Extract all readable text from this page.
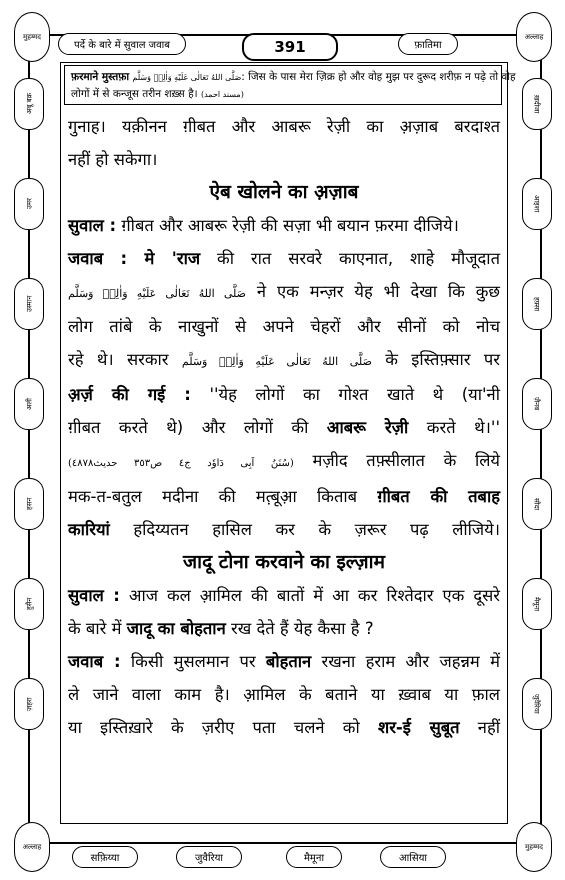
मुहम्मद	अल्लाह
अल्लाह	मुहम्मद
पर्दे के बारे में सुवाल जवाब	391	फ़ातिमा
अबू बक्र
उमर
उस्मान
अली
हसन
हुसैन
ज़हरा
ख़दीजा
आइशा
हफ़्सा
ज़ैनब
सौदा
मैमूना
जुवैरिया
फ़रमाने मुस्तफ़ा صَلَّى اللهُ تَعَالٰى عَلَيْهِ وَاٰلِهٖ وَسَلَّم: जिस के पास मेरा ज़िक्र हो और वोह मुझ पर दुरूद शरीफ़ न पढ़े तो वोह
लोगों में से कन्जूस तरीन शख़्स है। (مسند احمد)
गुनाह। यक़ीनन ग़ीबत और आबरू रेज़ी का अ़ज़ाब बरदाश्त
नहीं हो सकेगा।
ऐब खोलने का अ़ज़ाब
सुवाल : ग़ीबत और आबरू रेज़ी की सज़ा भी बयान फ़रमा दीजिये।
जवाब : मे 'राज की रात सरवरे काएनात, शाहे मौजूदात
صَلَّى اللهُ تَعَالٰى عَلَيْهِ وَاٰلِهٖ وَسَلَّم ने एक मन्ज़र येह भी देखा कि कुछ
लोग तांबे के नाखुनों से अपने चेहरों और सीनों को नोच
रहे थे। सरकार صَلَّى اللهُ تَعَالٰى عَلَيْهِ وَاٰلِهٖ وَسَلَّم के इस्तिफ़्सार पर
अ़र्ज़ की गई : ''येह लोगों का गोश्त खाते थे (या'नी
ग़ीबत करते थे) और लोगों की आबरू रेज़ी करते थे।''
(سُنَنُ اَبِی دَاوٗد ج٤ ص٣٥٣ حدیث٤٨٧٨) मज़ीद तफ़्सीलात के लिये
मक-त-बतुल मदीना की मत़्बूआ़ किताब ग़ीबत की तबाह
कारियां हदिय्यतन हासिल कर के ज़रूर पढ़ लीजिये।
जादू टोना करवाने का इल्ज़ाम
सुवाल : आज कल आ़मिल की बातों में आ कर रिश्तेदार एक दूसरे
के बारे में जादू का बोहतान रख देते हैं येह कैसा है ?
जवाब : किसी मुसलमान पर बोहतान रखना हराम और जहन्नम में
ले जाने वाला काम है। आ़मिल के बताने या ख़्वाब या फ़ाल
या इस्तिख़ारे के ज़रीए पता चलने को शर-ई सुबूत नहीं
सफ़िय्या	जुवैरिया	मैमूना	आसिया
